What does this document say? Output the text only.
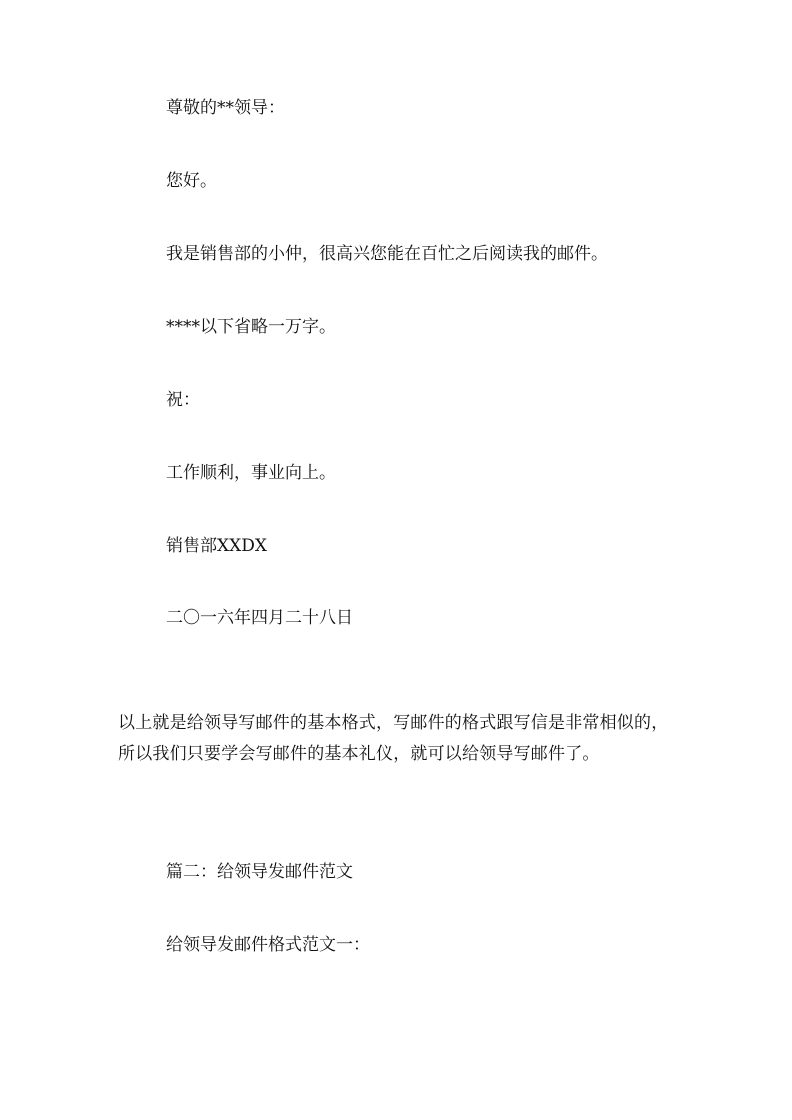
尊敬的**领导：
您好。
我是销售部的小仲，很高兴您能在百忙之后阅读我的邮件。
****以下省略一万字。
祝：
工作顺利，事业向上。
销售部XXDX
二〇一六年四月二十八日
以上就是给领导写邮件的基本格式，写邮件的格式跟写信是非常相似的，所以我们只要学会写邮件的基本礼仪，就可以给领导写邮件了。
篇二：给领导发邮件范文
给领导发邮件格式范文一：
